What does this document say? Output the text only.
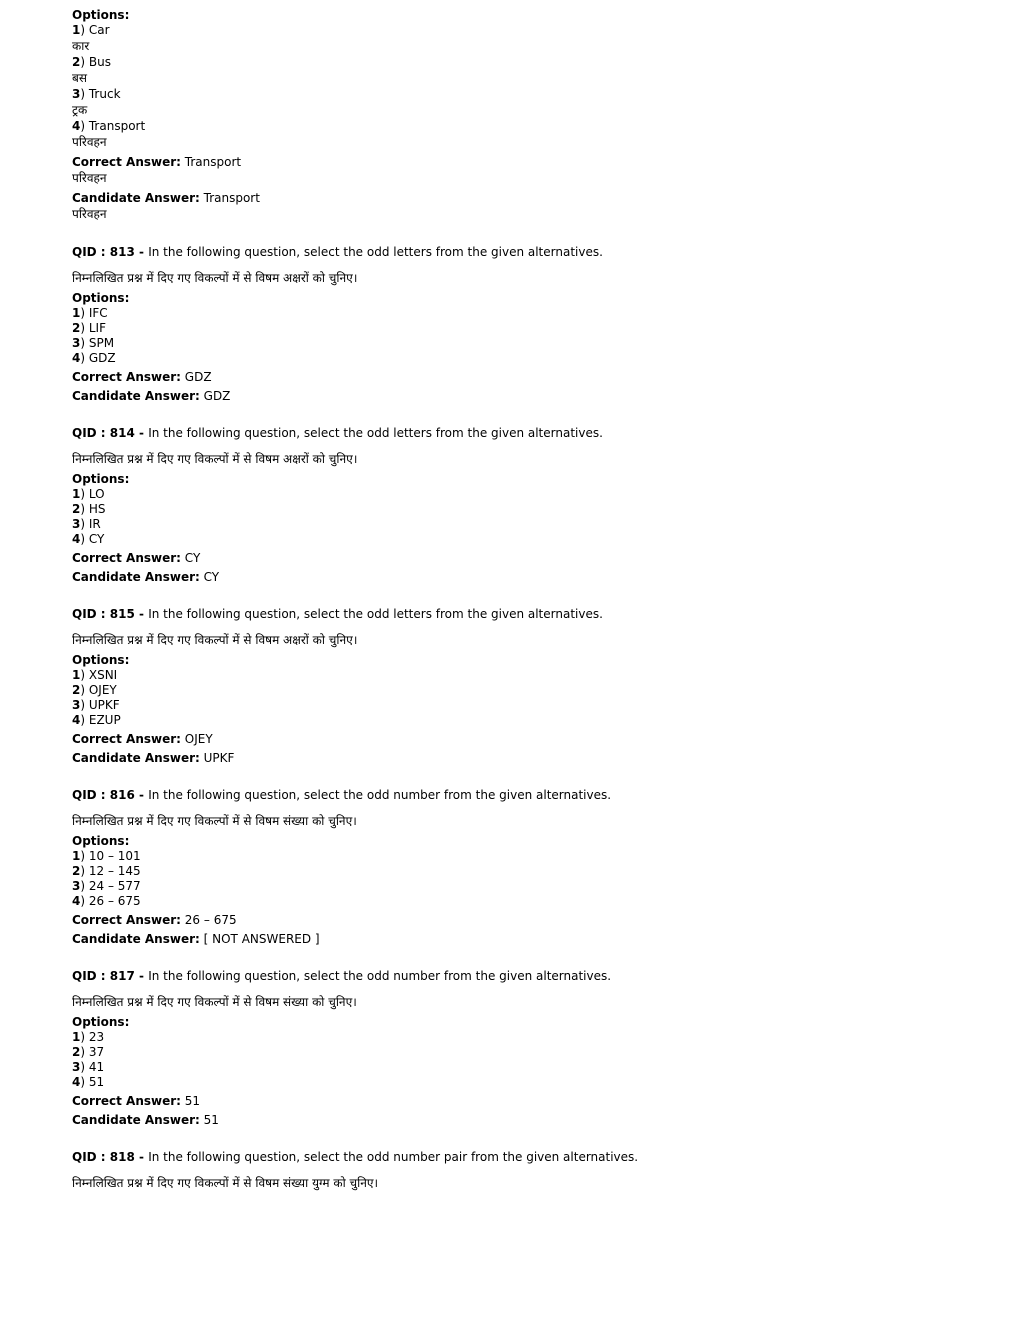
Options:
1) Car
कार
2) Bus
बस
3) Truck
ट्रक
4) Transport
परिवहन
Correct Answer: Transport
परिवहन
Candidate Answer: Transport
परिवहन
QID : 813 - In the following question, select the odd letters from the given alternatives.
निम्नलिखित प्रश्न में दिए गए विकल्पों में से विषम अक्षरों को चुनिए।
Options:
1) IFC
2) LIF
3) SPM
4) GDZ
Correct Answer: GDZ
Candidate Answer: GDZ
QID : 814 - In the following question, select the odd letters from the given alternatives.
निम्नलिखित प्रश्न में दिए गए विकल्पों में से विषम अक्षरों को चुनिए।
Options:
1) LO
2) HS
3) IR
4) CY
Correct Answer: CY
Candidate Answer: CY
QID : 815 - In the following question, select the odd letters from the given alternatives.
निम्नलिखित प्रश्न में दिए गए विकल्पों में से विषम अक्षरों को चुनिए।
Options:
1) XSNI
2) OJEY
3) UPKF
4) EZUP
Correct Answer: OJEY
Candidate Answer: UPKF
QID : 816 - In the following question, select the odd number from the given alternatives.
निम्नलिखित प्रश्न में दिए गए विकल्पों में से विषम संख्या को चुनिए।
Options:
1) 10 – 101
2) 12 – 145
3) 24 – 577
4) 26 – 675
Correct Answer: 26 – 675
Candidate Answer: [ NOT ANSWERED ]
QID : 817 - In the following question, select the odd number from the given alternatives.
निम्नलिखित प्रश्न में दिए गए विकल्पों में से विषम संख्या को चुनिए।
Options:
1) 23
2) 37
3) 41
4) 51
Correct Answer: 51
Candidate Answer: 51
QID : 818 - In the following question, select the odd number pair from the given alternatives.
निम्नलिखित प्रश्न में दिए गए विकल्पों में से विषम संख्या युग्म को चुनिए।
